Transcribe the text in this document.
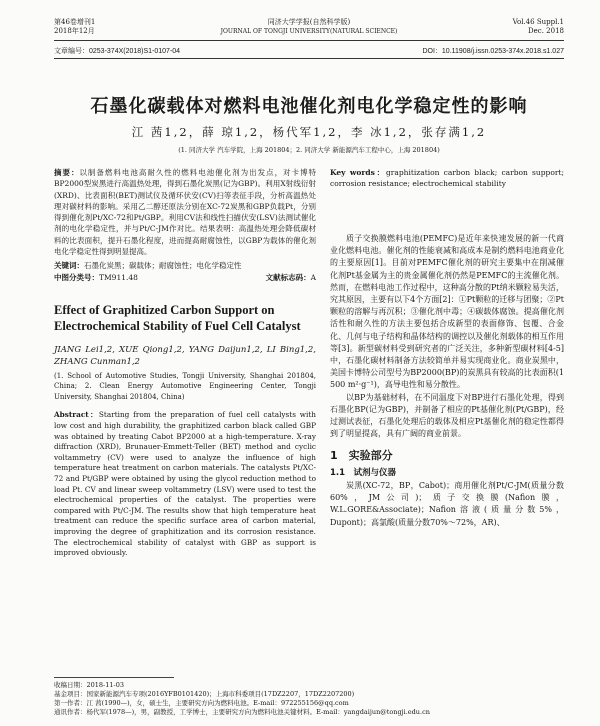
第46卷增刊1
2018年12月
同济大学学报(自然科学版)
JOURNAL OF TONGJI UNIVERSITY(NATURAL SCIENCE)
Vol.46 Suppl.1
Dec. 2018
文章编号：0253-374X(2018)S1-0107-04	DOI：10.11908/j.issn.0253-374x.2018.s1.027
石墨化碳载体对燃料电池催化剂电化学稳定性的影响
江 茜1,2，薛 琼1,2，杨代军1,2，李 冰1,2，张存满1,2
(1. 同济大学 汽车学院，上海 201804；2. 同济大学 新能源汽车工程中心，上海 201804)

摘要：以制备燃料电池高耐久性的燃料电池催化剂为出发点，对卡博特BP2000型炭黑进行高温热处理，得到石墨化炭黑(记为GBP)。利用X射线衍射(XRD)、比表面积(BET)测试仪及循环伏安(CV)扫等表征手段，分析高温热处理对碳材料的影响。采用乙二醇还原法分别在XC-72炭黑和GBP负载Pt，分别得到催化剂Pt/XC-72和Pt/GBP。利用CV法和线性扫描伏安(LSV)法测试催化剂的电化学稳定性，并与Pt/C-JM作对比。结果表明：高温热处理会降低碳材料的比表面积，提升石墨化程度，进而提高耐腐蚀性，以GBP为载体的催化剂电化学稳定性得到明显提高。

关键词：石墨化炭黑；碳载体；耐腐蚀性；电化学稳定性

中图分类号：TM911.48	文献标志码：A

Effect of Graphitized Carbon Support on Electrochemical Stability of Fuel Cell Catalyst

JIANG Lei1,2, XUE Qiong1,2, YANG Daijun1,2, LI Bing1,2, ZHANG Cunman1,2

(1. School of Automotive Studies, Tongji University, Shanghai 201804, China; 2. Clean Energy Automotive Engineering Center, Tongji University, Shanghai 201804, China)

Abstract：Starting from the preparation of fuel cell catalysts with low cost and high durability, the graphitized carbon black called GBP was obtained by treating Cabot BP2000 at a high-temperature. X-ray diffraction (XRD), Brunauer-Emmett-Teller (BET) method and cyclic voltammetry (CV) were used to analyze the influence of high temperature heat treatment on carbon materials. The catalysts Pt/XC-72 and Pt/GBP were obtained by using the glycol reduction method to load Pt. CV and linear sweep voltammetry (LSV) were used to test the electrochemical properties of the catalyst. The properties were compared with Pt/C-JM. The results show that high temperature heat treatment can reduce the specific surface area of carbon material, improving the degree of graphitization and its corrosion resistance. The electrochemical stability of catalyst with GBP as support is improved obviously.

Key words：graphitization carbon black; carbon support; corrosion resistance; electrochemical stability

质子交换膜燃料电池(PEMFC)是近年来快速发展的新一代商业化燃料电池。催化剂的性能衰减和高成本是制约燃料电池商业化的主要原因[1]。目前对PEMFC催化剂的研究主要集中在削减催化剂Pt基金属为主的贵金属催化剂仍然是PEMFC的主流催化剂。然而，在燃料电池工作过程中，这种高分散的Pt纳米颗粒易失活，究其原因，主要有以下4个方面[2]：①Pt颗粒的迁移与团聚；②Pt颗粒的溶解与再沉积；③催化剂中毒；④碳载体腐蚀。提高催化剂活性和耐久性的方法主要包括合成新型的表面修饰、包覆、合金化、几何与电子结构和晶体结构的调控以及催化剂载体的相互作用等[3]。新型碳材料受到研究者的广泛关注，多种新型碳材料[4-5]中，石墨化碳材料制备方法较简单并易实现商业化。商业炭黑中，美国卡博特公司型号为BP2000(BP)的炭黑具有较高的比表面积(1 500 m²·g⁻¹)，高导电性和易分散性。

以BP为基础材料，在不同温度下对BP进行石墨化处理，得到石墨化BP(记为GBP)，并制备了相应的Pt基催化剂(Pt/GBP)，经过测试表征，石墨化处理后的载体及相应Pt基催化剂的稳定性都得到了明显提高，具有广阔的商业前景。

1　实验部分

1.1　试剂与仪器

炭黑(XC-72，BP，Cabot)；商用催化剂Pt/C-JM(质量分数60%，JM公司)；质子交换膜(Nafion膜，W.L.GORE&Associate)；Nafion溶液(质量分数5%，Dupont)；高氯酸(质量分数70%～72%，AR)、

收稿日期：2018-11-03
基金项目：国家新能源汽车专项(2016YFB0101420)；上海市科委项目(17DZ2207，17DZ2207200)
第一作者：江 茜(1990—)，女，硕士生，主要研究方向为燃料电池。E-mail：972255156@qq.com
通讯作者：杨代军(1978—)，男，副教授，工学博士，主要研究方向为燃料电池关键材料。E-mail：yangdaijun@tongji.edu.cn
